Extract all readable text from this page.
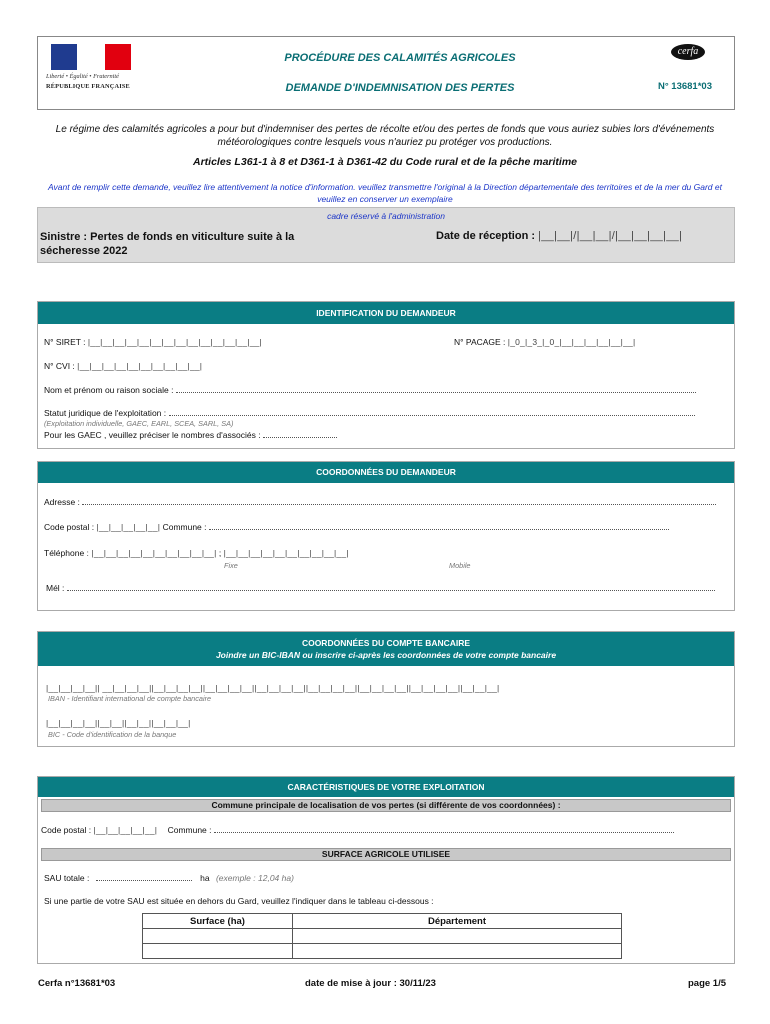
Liberté • Égalité • Fraternité
RÉPUBLIQUE FRANÇAISE
PROCÉDURE DES CALAMITÉS AGRICOLES
DEMANDE D'INDEMNISATION DES PERTES
cerfa
N° 13681*03
Le régime des calamités agricoles a pour but d'indemniser des pertes de récolte et/ou des pertes de fonds que vous auriez subies lors d'événements météorologiques contre lesquels vous n'auriez pu protéger vos productions.
Articles L361-1 à 8 et D361-1 à D361-42 du Code rural et de la pêche maritime
Avant de remplir cette demande, veuillez lire attentivement la notice d'information. veuillez transmettre l'original à la Direction départementale des territoires et de la mer du Gard et veuillez en conserver un exemplaire
cadre réservé à l'administration
Sinistre : Pertes de fonds en viticulture suite à la sécheresse 2022
Date de réception : |__|__|/|__|__|/|__|__|__|__|
IDENTIFICATION DU DEMANDEUR
N° SIRET : |__|__|__|__|__|__|__|__|__|__|__|__|__|__|	N° PACAGE : |_0_|_3_|_0_|__|__|__|__|__|__|
N° CVI : |__|__|__|__|__|__|__|__|__|__|
Nom et prénom ou raison sociale :
Statut juridique de l'exploitation :
(Exploitation individuelle, GAEC, EARL, SCEA, SARL, SA)
Pour les GAEC , veuillez préciser le nombres d'associés :
COORDONNÉES DU DEMANDEUR
Adresse :
Code postal : |__|__|__|__|__| Commune :
Téléphone : |__|__|__|__|__|__|__|__|__|__| ; |__|__|__|__|__|__|__|__|__|__|
Fixe	Mobile
Mél :
COORDONNÉES DU COMPTE BANCAIRE
Joindre un BIC-IBAN ou inscrire ci-après les coordonnées de votre compte bancaire
|__|__|__|__|| __|__|__|__||__|__|__|__||__|__|__|__||__|__|__|__||__|__|__|__||__|__|__|__||__|__|__|__||__|__|__|
IBAN - Identifiant international de compte bancaire
|__|__|__|__||__|__||__|__||__|__|__|
BIC - Code d'identification de la banque
CARACTÉRISTIQUES DE VOTRE EXPLOITATION
Commune principale de localisation de vos pertes (si différente de vos coordonnées) :
Code postal : |__|__|__|__|__| Commune :
SURFACE AGRICOLE UTILISEE
SAU totale :	ha (exemple : 12,04 ha)
Si une partie de votre SAU est située en dehors du Gard, veuillez l'indiquer dans le tableau ci-dessous :
Surface (ha)	Département

Cerfa n°13681*03	date de mise à jour : 30/11/23	page 1/5
